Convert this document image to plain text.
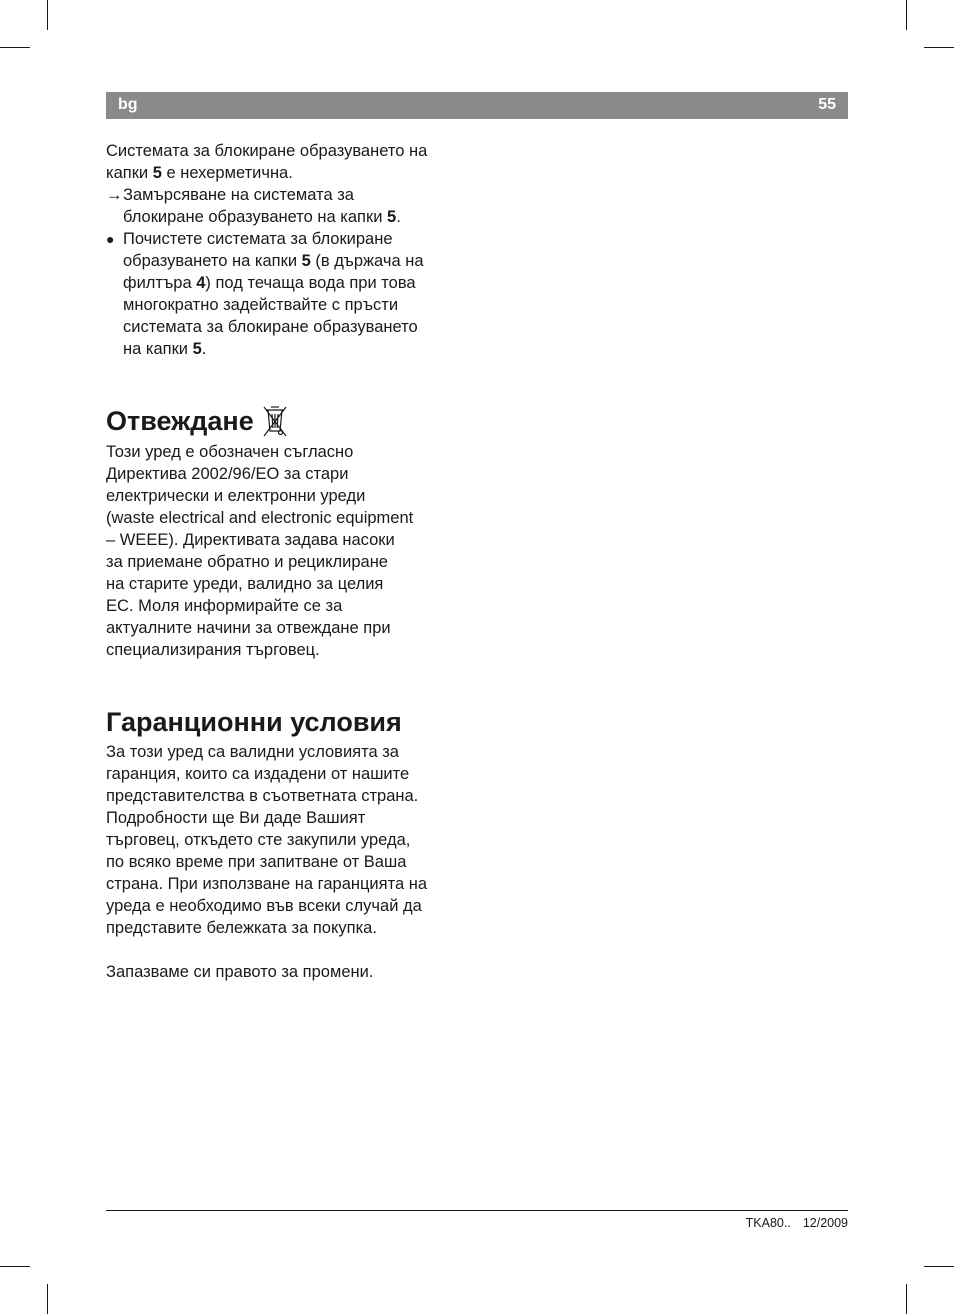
bg	55
Системата за блокиране образуването на
капки 5 е нехерметична.
→ Замърсяване на системата за
блокиране образуването на капки 5.
● Почистете системата за блокиране
образуването на капки 5 (в държача на
филтъра 4) под течаща вода при това
многократно задействайте с пръсти
системата за блокиране образуването
на капки 5.
Отвеждане
Този уред е обозначен съгласно
Директива 2002/96/ЕО за стари
електрически и електронни уреди
(waste electrical and electronic equipment
– WEEE). Директивата задава насоки
за приемане обратно и рециклиране
на старите уреди, валидно за целия
ЕС. Моля информирайте се за
актуалните начини за отвеждане при
специализирания търговец.
Гаранционни условия
За този уред са валидни условията за
гаранция, които са издадени от нашите
представителства в съответната страна.
Подробности ще Ви даде Вашият
търговец, откъдето сте закупили уреда,
по всяко време при запитване от Ваша
страна. При използване на гаранцията на
уреда е необходимо във всеки случай да
представите бележката за покупка.
Запазваме си правото за промени.
TKA80.. 12/2009
